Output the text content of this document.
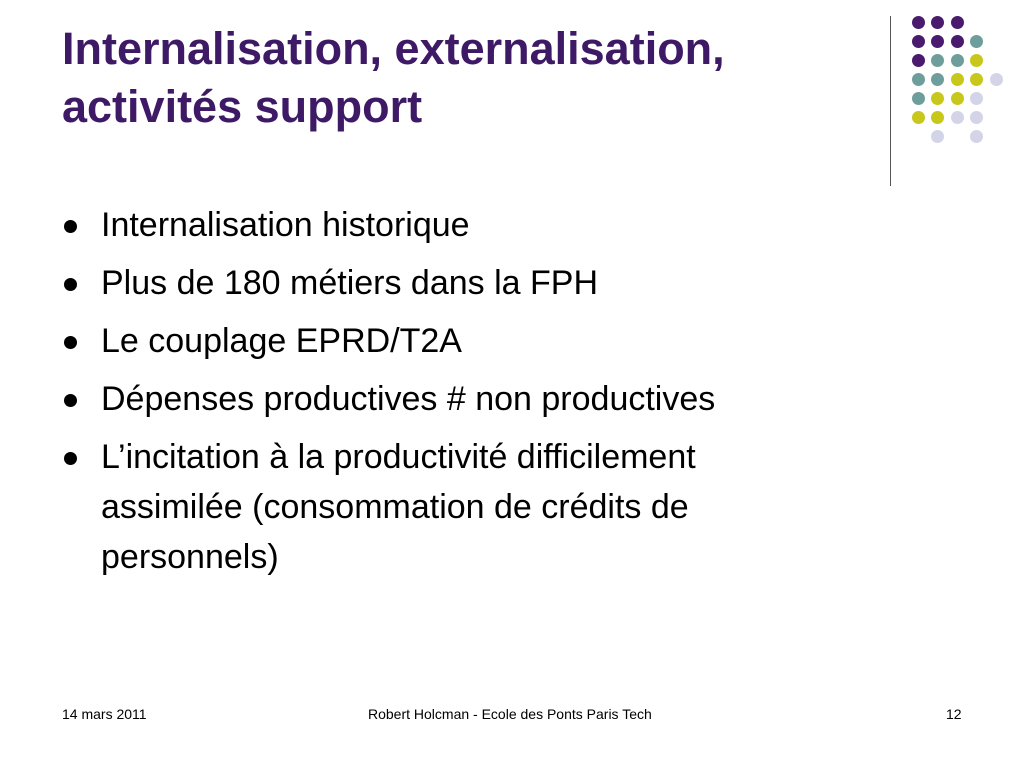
Internalisation, externalisation,
activités support
Internalisation historique
Plus de 180 métiers dans la FPH
Le couplage EPRD/T2A
Dépenses productives # non productives
L’incitation à la productivité difficilement
assimilée (consommation de crédits de
personnels)
14 mars 2011	Robert Holcman - Ecole des Ponts Paris Tech	12
